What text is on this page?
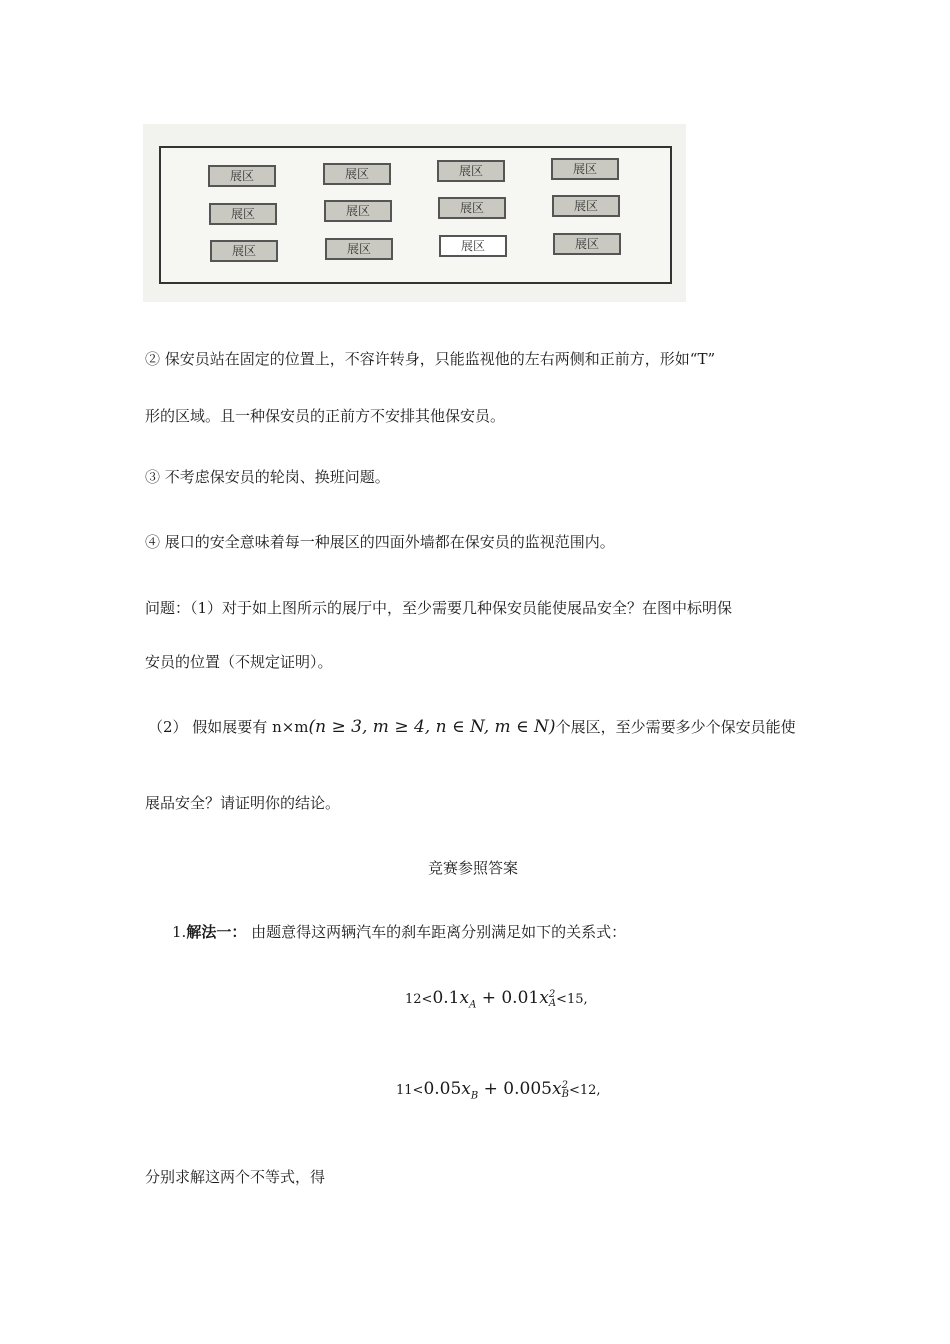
展区	展区	展区	展区
展区	展区	展区	展区
展区	展区	展区	展区
② 保安员站在固定的位置上，不容许转身，只能监视他的左右两侧和正前方，形如“T”
形的区域。且一种保安员的正前方不安排其他保安员。
③ 不考虑保安员的轮岗、换班问题。
④ 展口的安全意味着每一种展区的四面外墙都在保安员的监视范围内。
问题：（1）对于如上图所示的展厅中，至少需要几种保安员能使展品安全？在图中标明保
安员的位置（不规定证明）。
（2） 假如展要有 n×m(n ≥ 3, m ≥ 4, n ∈ N, m ∈ N)个展区，至少需要多少个保安员能使
展品安全？请证明你的结论。
竞赛参照答案
1.解法一： 由题意得这两辆汽车的刹车距离分别满足如下的关系式：
$12<0.1x_A + 0.01x2$
A<15,
$11<0.05x_B + 0.005x2$
B<12,
分别求解这两个不等式，得
